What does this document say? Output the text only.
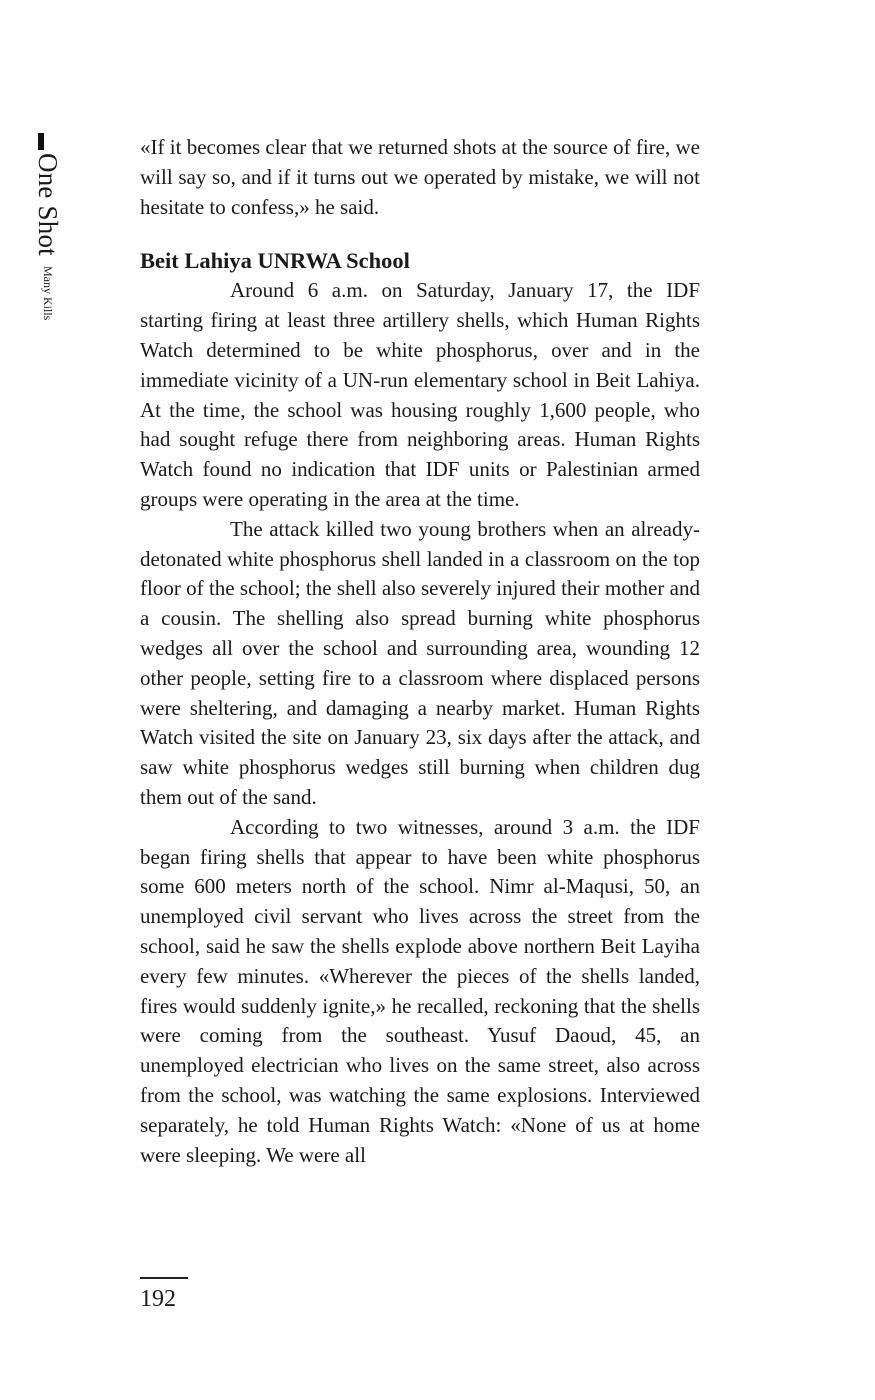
One ShotMany Kills

«If it becomes clear that we returned shots at the source of fire, we will say so, and if it turns out we operated by mistake, we will not hesitate to confess,» he said.

Beit Lahiya UNRWA School

Around 6 a.m. on Saturday, January 17, the IDF starting firing at least three artillery shells, which Human Rights Watch determined to be white phosphorus, over and in the immediate vicinity of a UN-run elementary school in Beit Lahiya. At the time, the school was housing roughly 1,600 people, who had sought refuge there from neighboring areas. Human Rights Watch found no indication that IDF units or Palestinian armed groups were operating in the area at the time.

The attack killed two young brothers when an already-detonated white phosphorus shell landed in a classroom on the top floor of the school; the shell also severely injured their mother and a cousin. The shelling also spread burning white phosphorus wedges all over the school and surrounding area, wounding 12 other people, setting fire to a classroom where displaced persons were sheltering, and damaging a nearby market. Human Rights Watch visited the site on January 23, six days after the attack, and saw white phosphorus wedges still burning when children dug them out of the sand.

According to two witnesses, around 3 a.m. the IDF began firing shells that appear to have been white phosphorus some 600 meters north of the school. Nimr al-Maqusi, 50, an unemployed civil servant who lives across the street from the school, said he saw the shells explode above northern Beit Layiha every few minutes. «Wherever the pieces of the shells landed, fires would suddenly ignite,» he recalled, reckoning that the shells were coming from the southeast. Yusuf Daoud, 45, an unemployed electrician who lives on the same street, also across from the school, was watching the same explosions. Interviewed separately, he told Human Rights Watch: «None of us at home were sleeping. We were all

192
